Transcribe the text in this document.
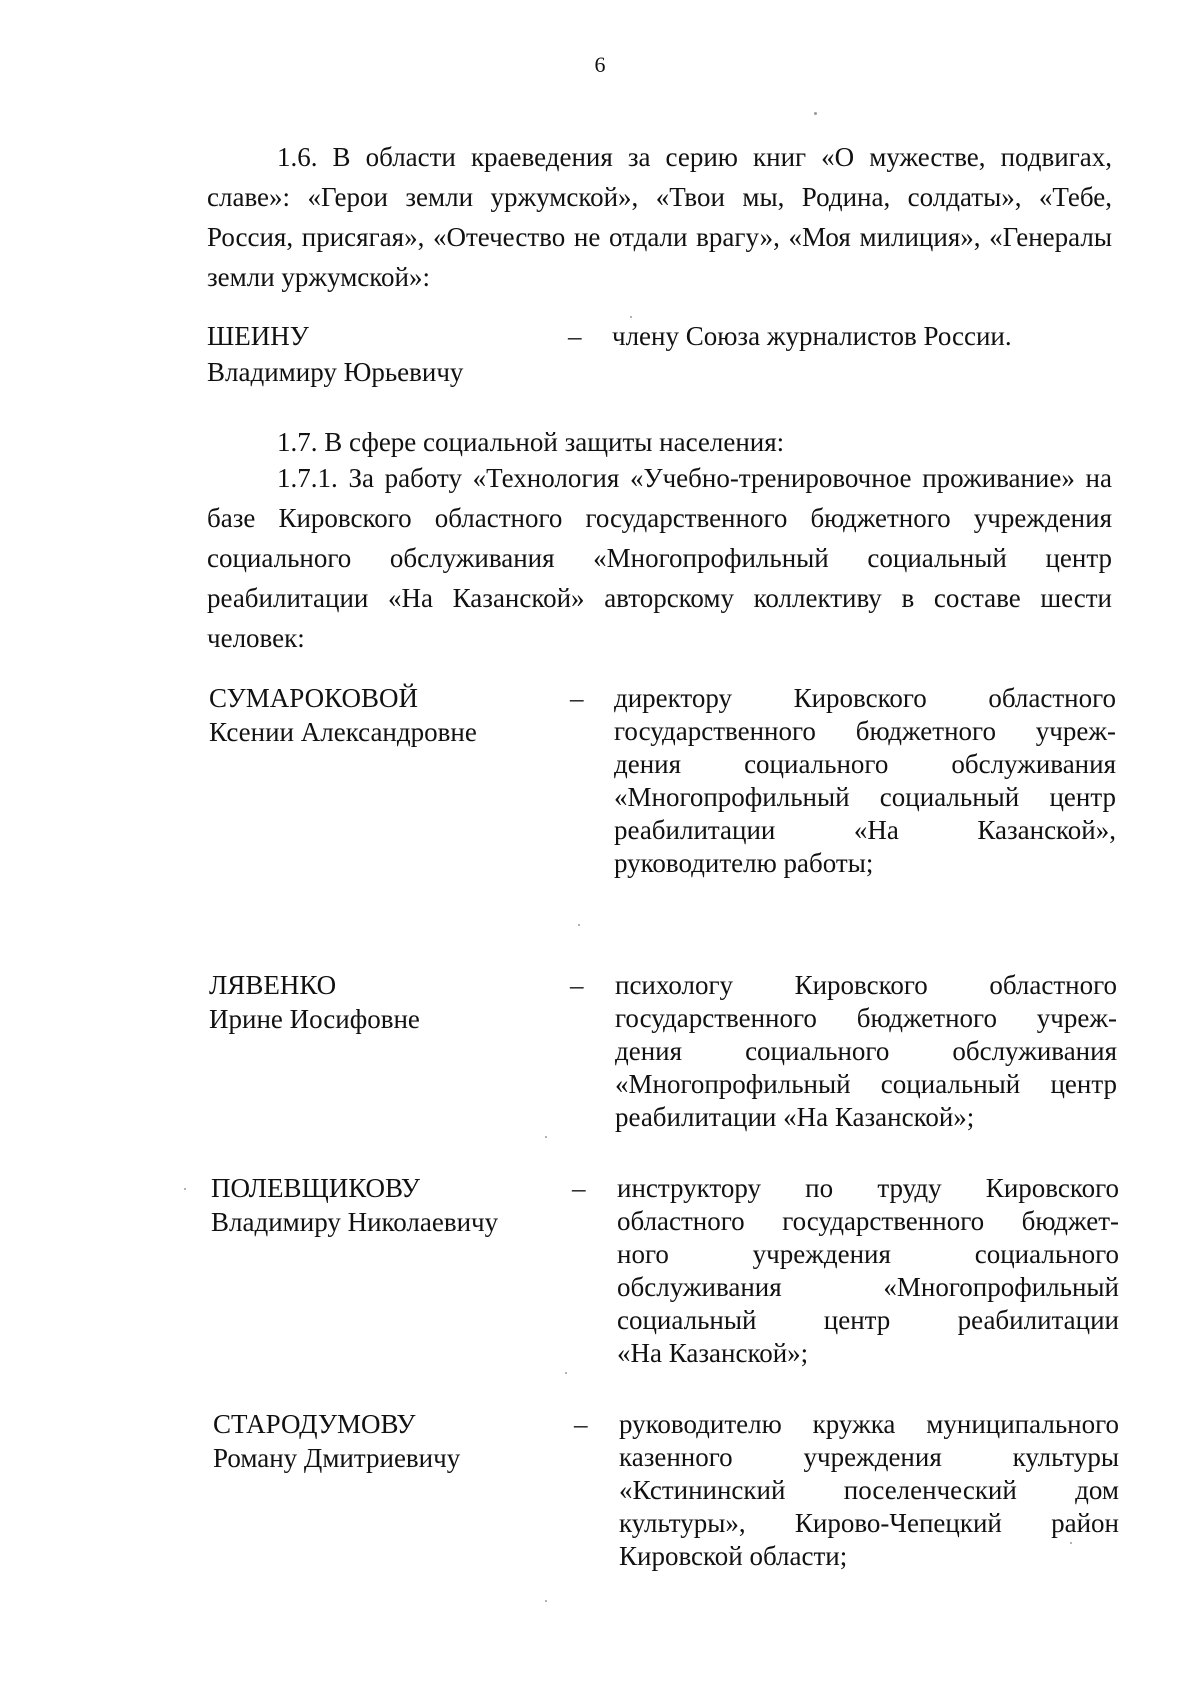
6
1.6. В области краеведения за серию книг «О мужестве, подвигах, славе»: «Герои земли уржумской», «Твои мы, Родина, солдаты», «Тебе, Россия, присягая», «Отечество не отдали врагу», «Моя милиция», «Генералы земли уржумской»:
ШЕИНУ
Владимиру Юрьевичу
– члену Союза журналистов России.
1.7. В сфере социальной защиты населения:
1.7.1. За работу «Технология «Учебно-тренировочное проживание» на базе Кировского областного государственного бюджетного учреждения социального обслуживания «Многопрофильный социальный центр реабилитации «На Казанской» авторскому коллективу в составе шести человек:
СУМАРОКОВОЙ
Ксении Александровне
– директору Кировского областного
государственного бюджетного учреж-
дения социального обслуживания
«Многопрофильный социальный центр
реабилитации «На Казанской»,
руководителю работы;
ЛЯВЕНКО
Ирине Иосифовне
– психологу Кировского областного
государственного бюджетного учреж-
дения социального обслуживания
«Многопрофильный социальный центр
реабилитации «На Казанской»;
ПОЛЕВЩИКОВУ
Владимиру Николаевичу
– инструктору по труду Кировского
областного государственного бюджет-
ного учреждения социального
обслуживания «Многопрофильный
социальный центр реабилитации
«На Казанской»;
СТАРОДУМОВУ
Роману Дмитриевичу
– руководителю кружка муниципального
казенного учреждения культуры
«Кстининский поселенческий дом
культуры», Кирово-Чепецкий район
Кировской области;
